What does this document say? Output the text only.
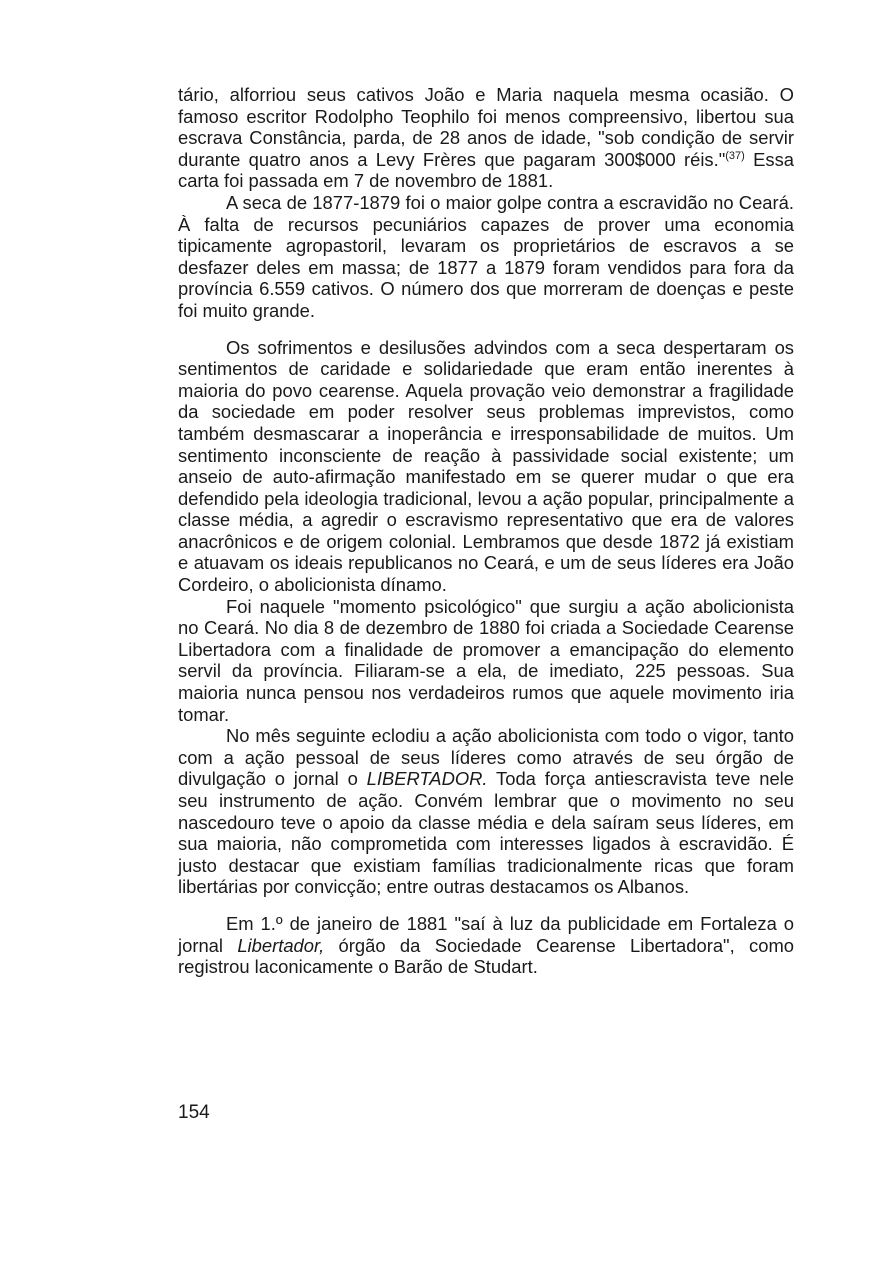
tário, alforriou seus cativos João e Maria naquela mesma ocasião. O famoso escritor Rodolpho Teophilo foi menos compreensivo, libertou sua escrava Constância, parda, de 28 anos de idade, "sob condição de servir durante quatro anos a Levy Frères que pagaram 300$000 réis."$^{(37)}$ Essa carta foi passada em 7 de novembro de 1881.

A seca de 1877-1879 foi o maior golpe contra a escravidão no Ceará. À falta de recursos pecuniários capazes de prover uma economia tipicamente agropastoril, levaram os proprietários de escravos a se desfazer deles em massa; de 1877 a 1879 foram vendidos para fora da província 6.559 cativos. O número dos que morreram de doenças e peste foi muito grande.

Os sofrimentos e desilusões advindos com a seca despertaram os sentimentos de caridade e solidariedade que eram então inerentes à maioria do povo cearense. Aquela provação veio demonstrar a fragilidade da sociedade em poder resolver seus problemas imprevistos, como também desmascarar a inoperância e irresponsabilidade de muitos. Um sentimento inconsciente de reação à passividade social existente; um anseio de auto-afirmação manifestado em se querer mudar o que era defendido pela ideologia tradicional, levou a ação popular, principalmente a classe média, a agredir o escravismo representativo que era de valores anacrônicos e de origem colonial. Lembramos que desde 1872 já existiam e atuavam os ideais republicanos no Ceará, e um de seus líderes era João Cordeiro, o abolicionista dínamo.

Foi naquele "momento psicológico" que surgiu a ação abolicionista no Ceará. No dia 8 de dezembro de 1880 foi criada a Sociedade Cearense Libertadora com a finalidade de promover a emancipação do elemento servil da província. Filiaram-se a ela, de imediato, 225 pessoas. Sua maioria nunca pensou nos verdadeiros rumos que aquele movimento iria tomar.

No mês seguinte eclodiu a ação abolicionista com todo o vigor, tanto com a ação pessoal de seus líderes como através de seu órgão de divulgação o jornal o LIBERTADOR. Toda força antiescravista teve nele seu instrumento de ação. Convém lembrar que o movimento no seu nascedouro teve o apoio da classe média e dela saíram seus líderes, em sua maioria, não comprometida com interesses ligados à escravidão. É justo destacar que existiam famílias tradicionalmente ricas que foram libertárias por convicção; entre outras destacamos os Albanos.

Em 1.º de janeiro de 1881 "saí à luz da publicidade em Fortaleza o jornal Libertador, órgão da Sociedade Cearense Libertadora", como registrou laconicamente o Barão de Studart.

154
